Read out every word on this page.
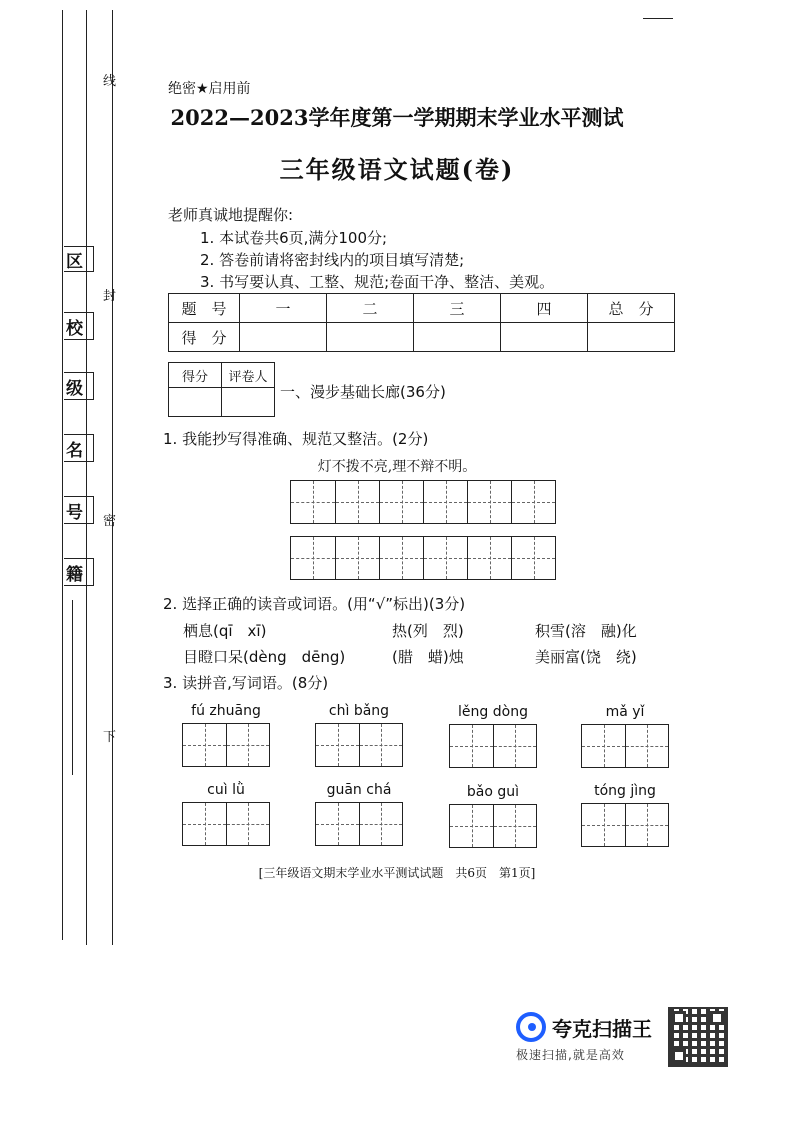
区
校
级
名
号
籍
线
封
密
下
绝密★启用前
2022—2023学年度第一学期期末学业水平测试
三年级语文试题(卷)
老师真诚地提醒你:
1. 本试卷共6页,满分100分;
2. 答卷前请将密封线内的项目填写清楚;
3. 书写要认真、工整、规范;卷面干净、整洁、美观。
题　号	一	二	三	四	总　分
得　分					
得分	评卷人

一、漫步基础长廊(36分)
1. 我能抄写得准确、规范又整洁。(2分)
灯不拨不亮,理不辩不明。
2. 选择正确的读音或词语。(用“√”标出)(3分)
栖息(qī　xī)	热(列　烈)	积雪(溶　融)化
目瞪口呆(dèng　dēng)	(腊　蜡)烛	美丽富(饶　绕)
3. 读拼音,写词语。(8分)
fú zhuāng	chì bǎng	lěng dòng	mǎ yǐ
cuì lǜ	guān chá	bǎo guì	tóng jìng
[三年级语文期末学业水平测试试题　共6页　第1页]
夸克扫描王
极速扫描,就是高效
